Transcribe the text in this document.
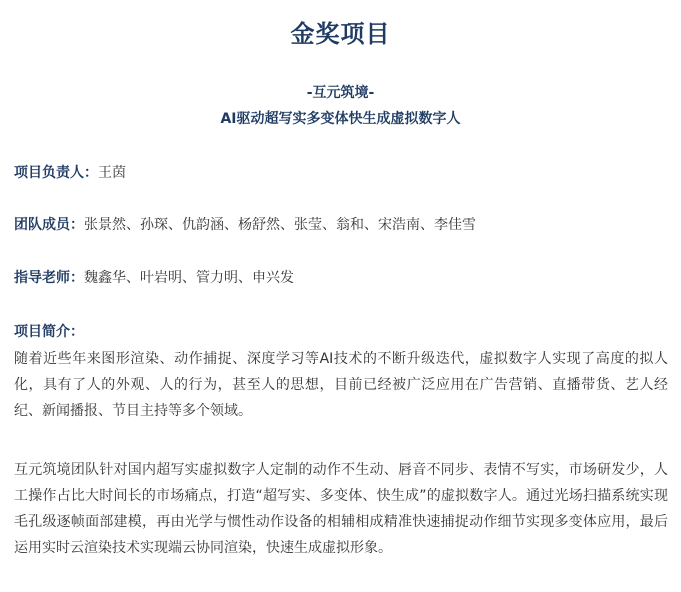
金奖项目
-互元筑境-
AI驱动超写实多变体快生成虚拟数字人
项目负责人：王茵
团队成员：张景然、孙琛、仇韵涵、杨舒然、张莹、翁和、宋浩南、李佳雪
指导老师：魏鑫华、叶岩明、管力明、申兴发
项目简介：
随着近些年来图形渲染、动作捕捉、深度学习等AI技术的不断升级迭代，虚拟数字人实现了高度的拟人化，具有了人的外观、人的行为，甚至人的思想，目前已经被广泛应用在广告营销、直播带货、艺人经纪、新闻播报、节目主持等多个领域。
互元筑境团队针对国内超写实虚拟数字人定制的动作不生动、唇音不同步、表情不写实，市场研发少，人工操作占比大时间长的市场痛点，打造“超写实、多变体、快生成”的虚拟数字人。通过光场扫描系统实现毛孔级逐帧面部建模，再由光学与惯性动作设备的相辅相成精准快速捕捉动作细节实现多变体应用，最后运用实时云渲染技术实现端云协同渲染，快速生成虚拟形象。
